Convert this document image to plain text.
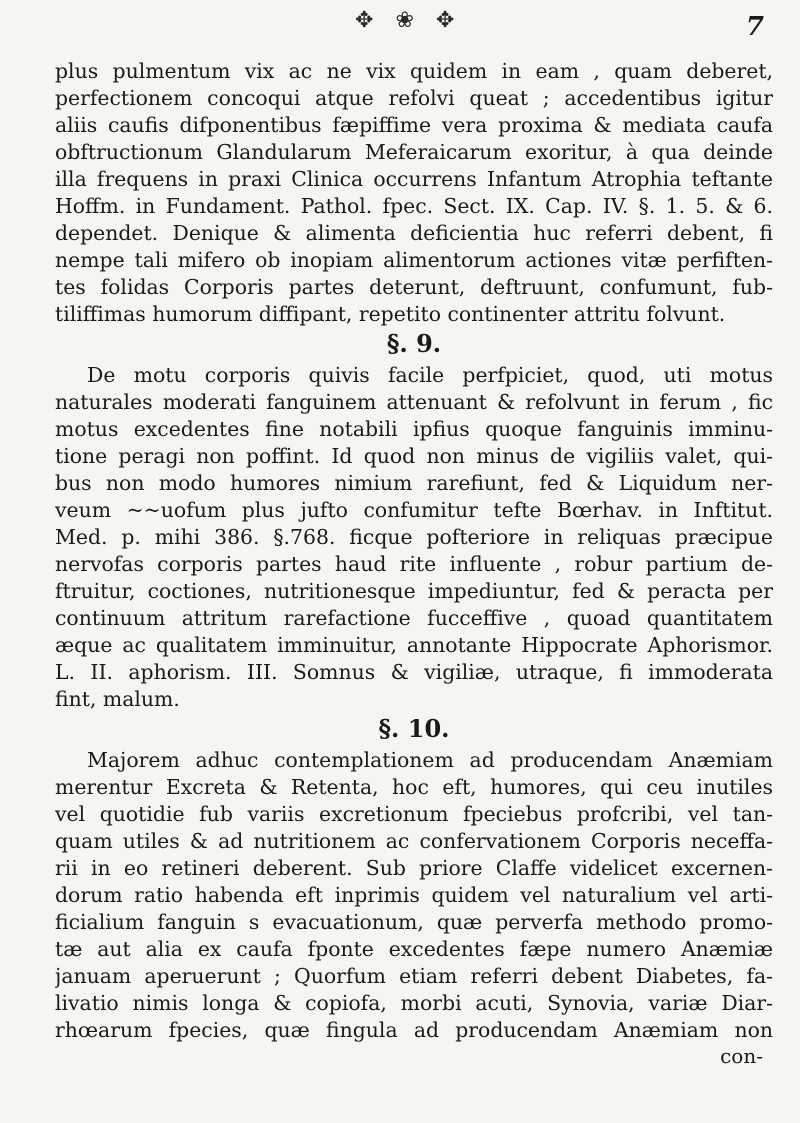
✥ ❀ ✥	7

plus pulmentum vix ac ne vix quidem in eam , quam deberet,

perfectionem concoqui atque refolvi queat ; accedentibus igitur

aliis caufis difponentibus fæpiffime vera proxima & mediata caufa

obftructionum Glandularum Meferaicarum exoritur, à qua deinde

illa frequens in praxi Clinica occurrens Infantum Atrophia teftante

Hoffm. in Fundament. Pathol. fpec. Sect. IX. Cap. IV. §. 1. 5. & 6.

dependet. Denique & alimenta deficientia huc referri debent, fi

nempe tali mifero ob inopiam alimentorum actiones vitæ perfiften-

tes folidas Corporis partes deterunt, deftruunt, confumunt, fub-

tiliffimas humorum diffipant, repetito continenter attritu folvunt.

§. 9.

De motu corporis quivis facile perfpiciet, quod, uti motus

naturales moderati fanguinem attenuant & refolvunt in ferum , fic

motus excedentes fine notabili ipfius quoque fanguinis imminu-

tione peragi non poffint. Id quod non minus de vigiliis valet, qui-

bus non modo humores nimium rarefiunt, fed & Liquidum ner-

veum ~~uofum plus jufto confumitur tefte Bœrhav. in Inftitut.

Med. p. mihi 386. §.768. ficque pofteriore in reliquas præcipue

nervofas corporis partes haud rite influente , robur partium de-

ftruitur, coctiones, nutritionesque impediuntur, fed & peracta per

continuum attritum rarefactione fucceffive , quoad quantitatem

æque ac qualitatem imminuitur, annotante Hippocrate Aphorismor.

L. II. aphorism. III. Somnus & vigiliæ, utraque, fi immoderata

fint, malum.

§. 10.

Majorem adhuc contemplationem ad producendam Anæmiam

merentur Excreta & Retenta, hoc eft, humores, qui ceu inutiles

vel quotidie fub variis excretionum fpeciebus profcribi, vel tan-

quam utiles & ad nutritionem ac confervationem Corporis neceffa-

rii in eo retineri deberent. Sub priore Claffe videlicet excernen-

dorum ratio habenda eft inprimis quidem vel naturalium vel arti-

ficialium fanguin s evacuationum, quæ perverfa methodo promo-

tæ aut alia ex caufa fponte excedentes fæpe numero Anæmiæ

januam aperuerunt ; Quorfum etiam referri debent Diabetes, fa-

livatio nimis longa & copiofa, morbi acuti, Synovia, variæ Diar-

rhœarum fpecies, quæ fingula ad producendam Anæmiam non

con-
